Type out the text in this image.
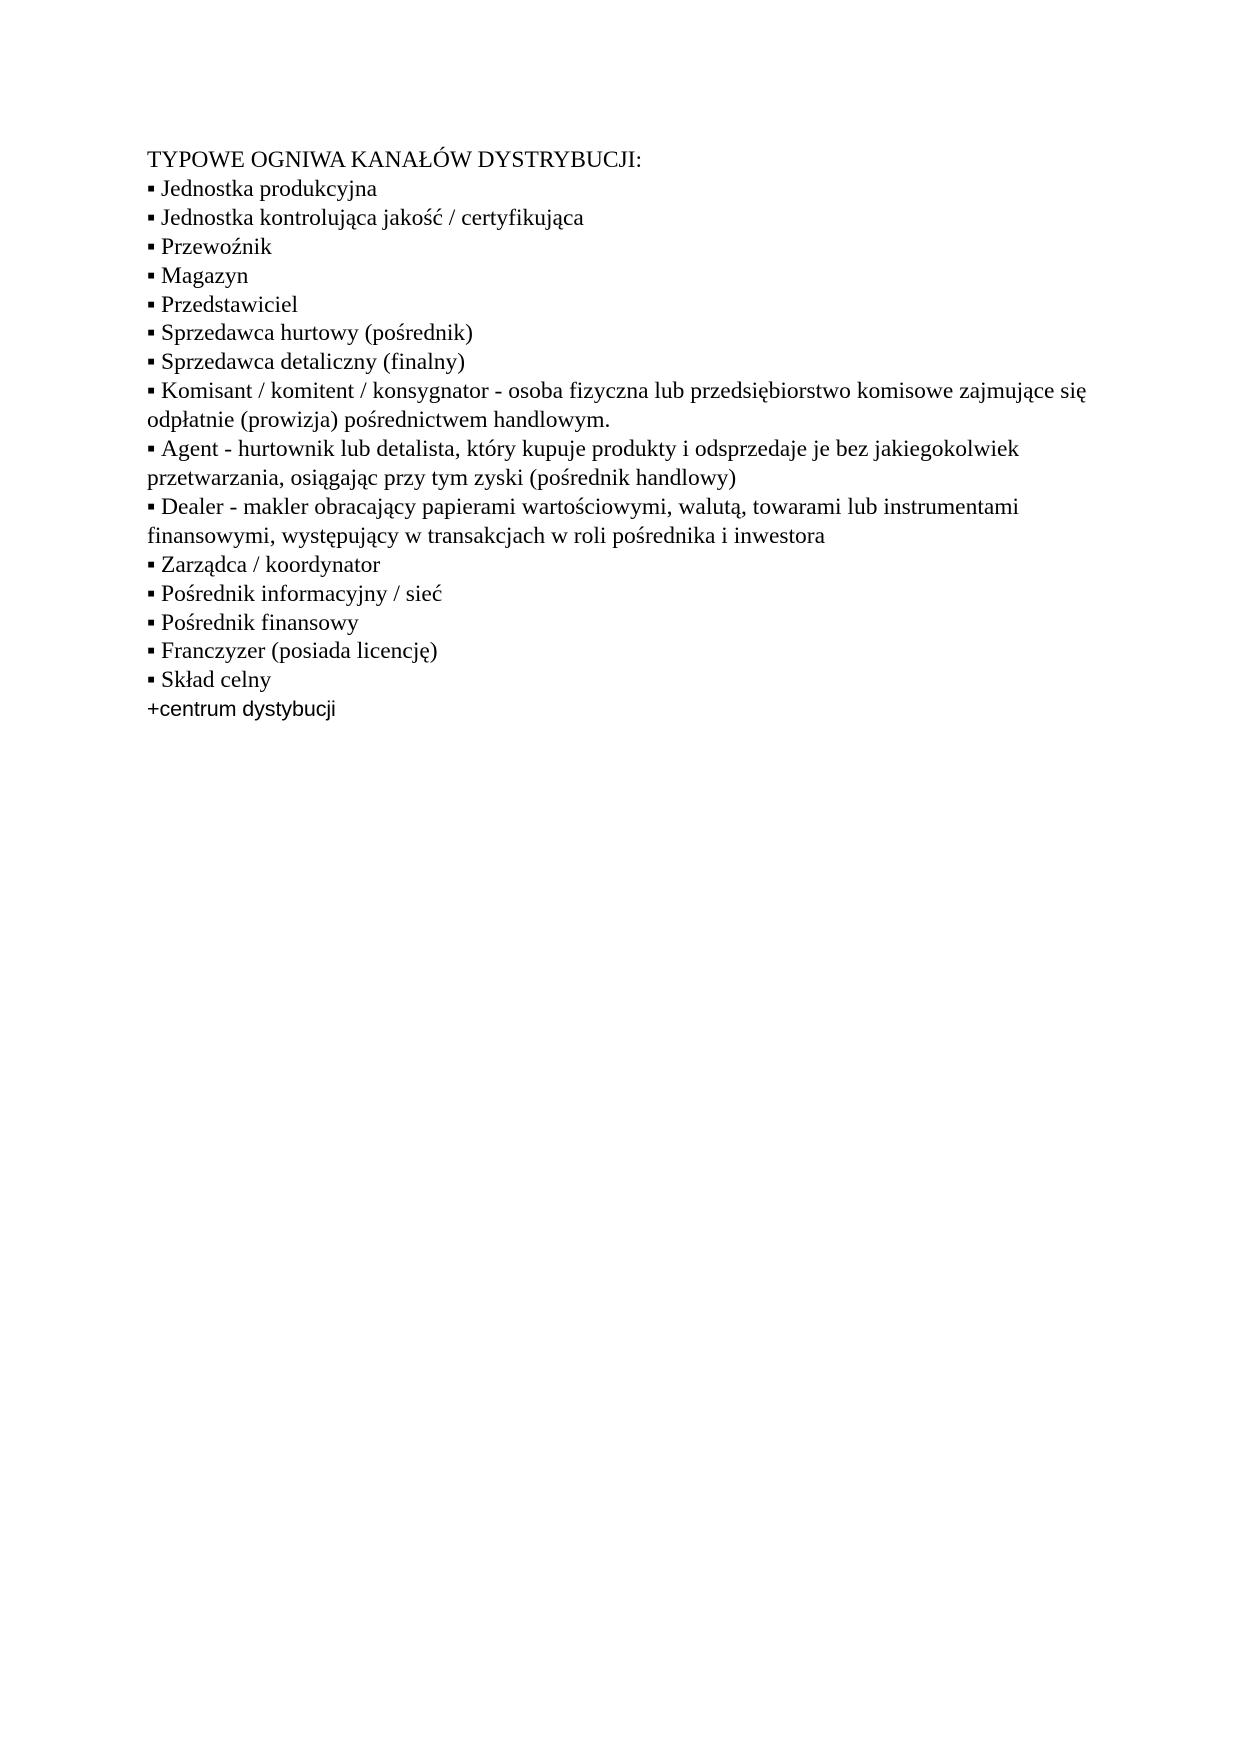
TYPOWE OGNIWA KANAŁÓW DYSTRYBUCJI:

▪ Jednostka produkcyjna

▪ Jednostka kontrolująca jakość / certyfikująca

▪ Przewoźnik

▪ Magazyn

▪ Przedstawiciel

▪ Sprzedawca hurtowy (pośrednik)

▪ Sprzedawca detaliczny (finalny)

▪ Komisant / komitent / konsygnator - osoba fizyczna lub przedsiębiorstwo komisowe zajmujące się odpłatnie (prowizja) pośrednictwem handlowym.

▪ Agent - hurtownik lub detalista, który kupuje produkty i odsprzedaje je bez jakiegokolwiek przetwarzania, osiągając przy tym zyski (pośrednik handlowy)

▪ Dealer - makler obracający papierami wartościowymi, walutą, towarami lub instrumentami finansowymi, występujący w transakcjach w roli pośrednika i inwestora

▪ Zarządca / koordynator

▪ Pośrednik informacyjny / sieć

▪ Pośrednik finansowy

▪ Franczyzer (posiada licencję)

▪ Skład celny

+centrum dystybucji
